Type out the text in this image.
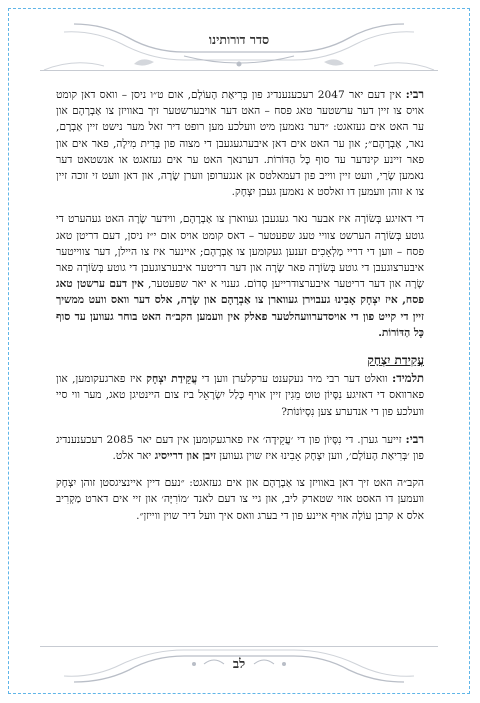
סדר דורותינו

רבי: אין דעם יאר 2047 רעכענענדיג פון בְּרִיאַת הָעוֹלָם, אום ט״ו ניסן – וואס דאן קומט אויס צו זיין דער ערשטער טאג פסח – האט דער אויבערשטער זיך באוויזן צו אַבְרָהָם און ער האט אים געזאגט: ״דער נאמען מיט וועלכע מען רופט דיר זאל מער נישט זיין אַבְרָם, נאר, אַבְרָהָם״; און ער האט אים דאן איבערגעגעבן די מצוה פון בְּרִית מִילָה, פאר אים און פאר זיינע קינדער עד סוף כָּל הַדּוֹרוֹת. דערנאך האט ער אים געזאגט או אנשטאט דער נאמען שָׂרַי, וועט זיין ווייב פון דעמאלטס אן אנגערופן ווערן שָׂרָה, און דאן וועט זי זוכה זיין צו א זוהן וועמען דו זאלסט א נאמען געבן יִצְחָק.

די דאזיגע בְּשׂוֹרָה איז אבער נאר געגעבן געווארן צו אַבְרָהָם, ווידער שָׂרָה האט געהערט די גוטע בְּשׂוֹרָה הערשט צוויי טעג שפעטער – דאס קומט אויס אום י״ז ניסן, דעם דריטן טאג פסח – ווען די דריי מַלְאָכִים זענען געקומען צו אַבְרָהָם; איינער איז צו היילן, דער צווייטער איבערצוגעבן די גוטע בְּשׂוֹרָה פאר שָׂרָה און דער דריטער איבערצוגעבן די גוטע בְּשׂוֹרָה פאר שָׂרָה און דער דריטער איבערצודרייען סְדוֹם. גענוי א יאר שפעטער, אין דעם ערשטן טאג פסח, איז יִצְחָק אָבִינוּ געבוירן געווארן צו אַבְרָהָם און שָׂרָה, אלס דער וואס וועט ממשיך זיין די קייט פון די אויסדערוועהלטער פאלק אין וועמען הקב״ה האט בוחר געווען עד סוף כָּל הַדּוֹרוֹת.

עֲקֵידַת יִצְחָק

תלמיד: וואלט דער רבי מיר געקענט ערקלערן ווען די עֲקֵידַת יִצְחָק איז פארגעקומען, און פארוואס די דאזיגע נִסָּיוֹן טוט מֵגִין זיין אויף כְּלַל יִשְׂרָאֵל ביז צום היינטיגן טאג, מער ווי סיי וועלכע פון די אנדערע צען נִסְיוֹנוֹת?

רבי: זייער גערן. די נִסָּיוֹן פון די ׳עֲקֵידָה׳ איז פארגעקומען אין דעם יאר 2085 רעכענענדיג פון ׳בְּרִיאַת הָעוֹלָם׳, ווען יִצְחָק אָבִינוּ איז שוין געווען זיבן און דרייסיג יאר אלט.

הקב״ה האט זיך דאן באוויזן צו אַבְרָהָם און אים געזאגט: ״נעם דיין איינציגסטן זוהן יִצְחָק וועמען דו האסט אזוי שטארק ליב, און גיי צו דעם לאנד ׳מוֹרִיָּה׳ און זיי אים דארט מַקְרִיב אלס א קרבן עוֹלָה אויף איינע פון די בערג וואס איך וועל דיר שוין ווייזן״.

לב
